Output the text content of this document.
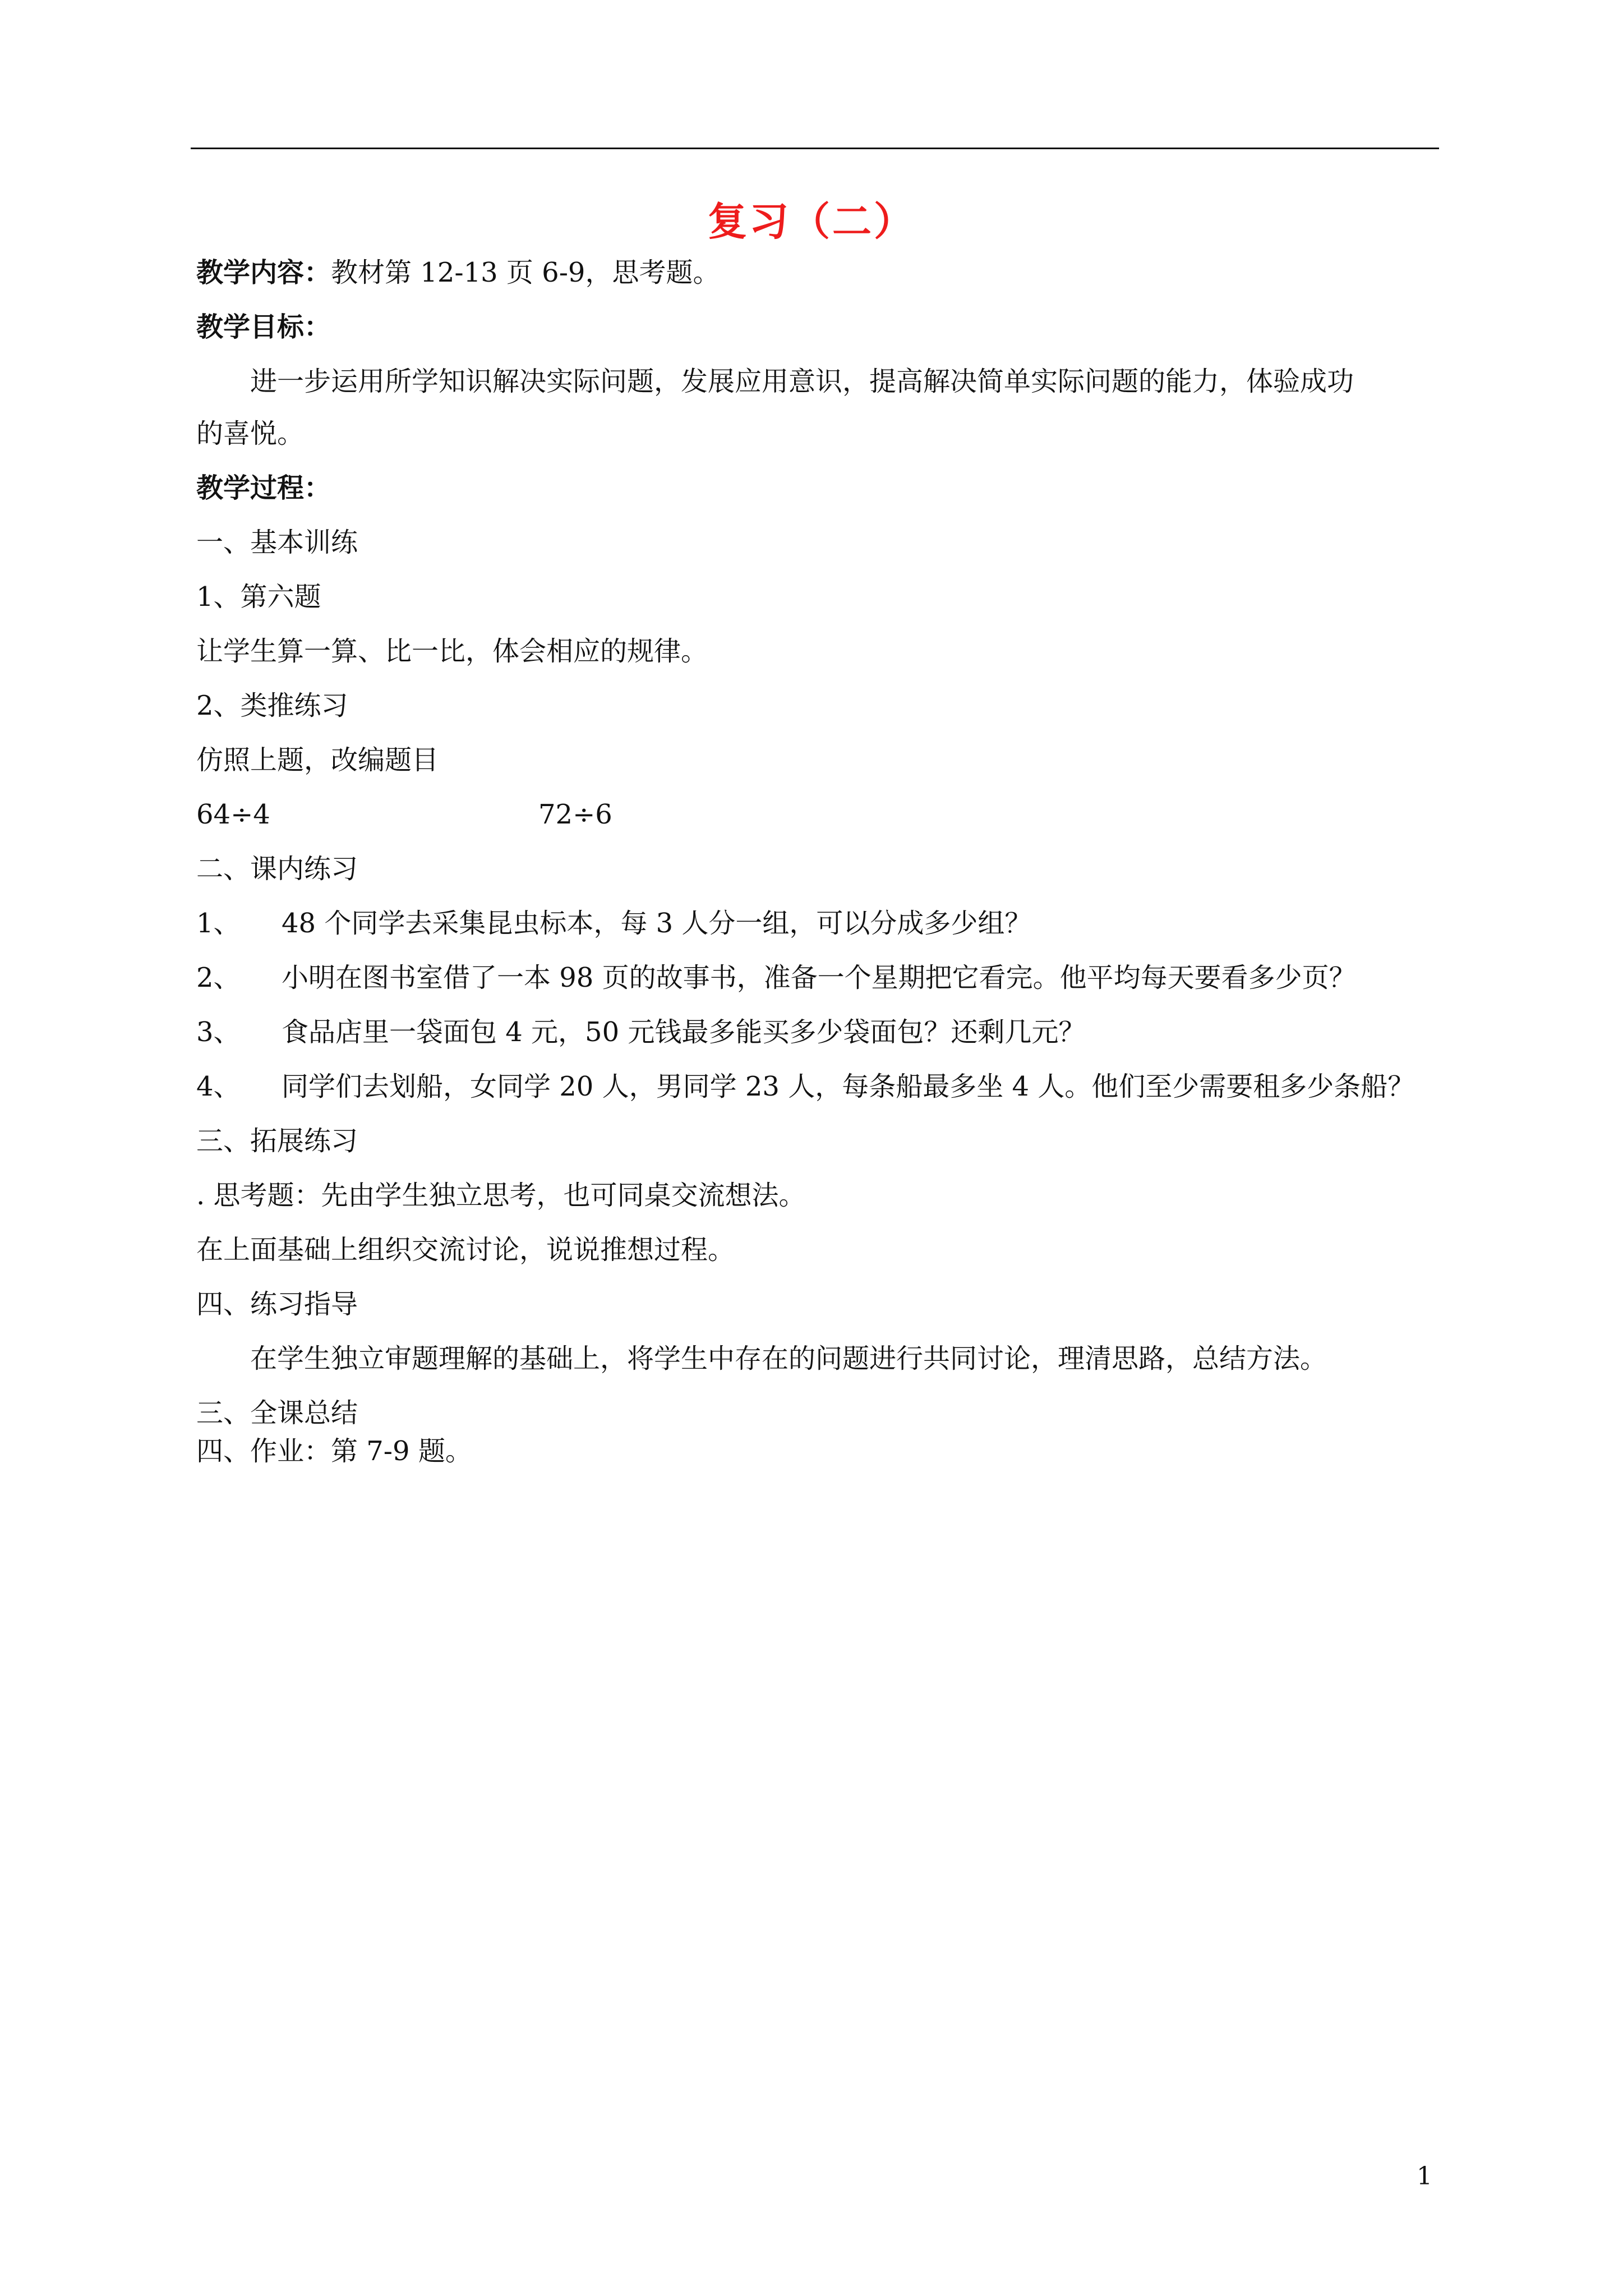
复习（二）
教学内容：教材第 12-13 页 6-9，思考题。
教学目标：
进一步运用所学知识解决实际问题，发展应用意识，提高解决简单实际问题的能力，体验成功
的喜悦。
教学过程：
一、基本训练
1、第六题
让学生算一算、比一比，体会相应的规律。
2、类推练习
仿照上题，改编题目
64÷4	72÷6
二、课内练习
1、 48 个同学去采集昆虫标本，每 3 人分一组，可以分成多少组？
2、 小明在图书室借了一本 98 页的故事书，准备一个星期把它看完。他平均每天要看多少页？
3、 食品店里一袋面包 4 元，50 元钱最多能买多少袋面包？还剩几元？
4、 同学们去划船，女同学 20 人，男同学 23 人，每条船最多坐 4 人。他们至少需要租多少条船？
三、拓展练习
. 思考题：先由学生独立思考，也可同桌交流想法。
在上面基础上组织交流讨论，说说推想过程。
四、练习指导
在学生独立审题理解的基础上，将学生中存在的问题进行共同讨论，理清思路，总结方法。
三、全课总结
四、作业：第 7-9 题。
1
